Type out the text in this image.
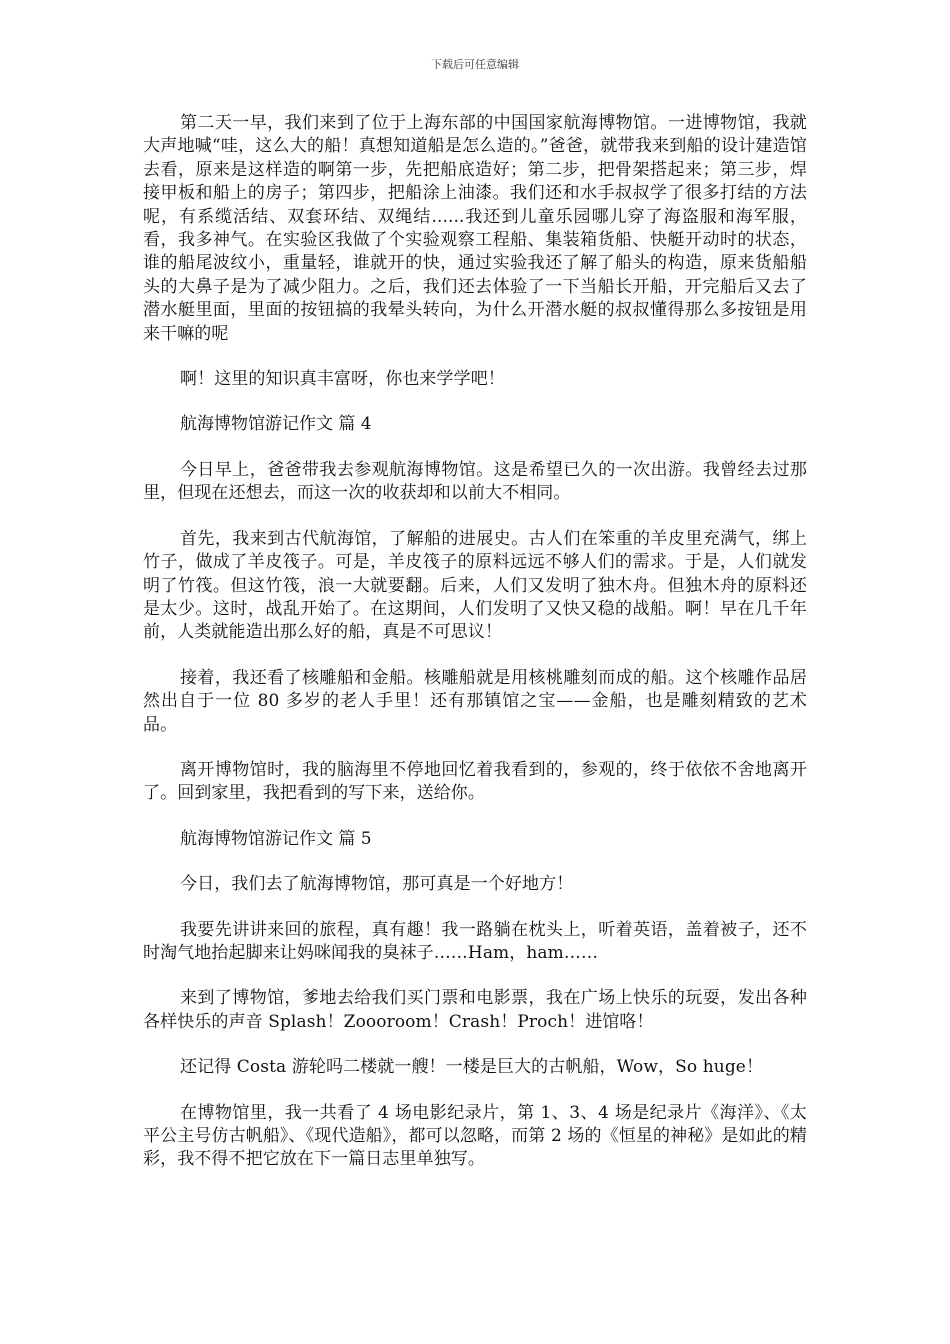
下载后可任意编辑

第二天一早，我们来到了位于上海东部的中国国家航海博物馆。一进博物馆，我就大声地喊“哇，这么大的船！真想知道船是怎么造的。”爸爸，就带我来到船的设计建造馆去看，原来是这样造的啊第一步，先把船底造好；第二步，把骨架搭起来；第三步，焊接甲板和船上的房子；第四步，把船涂上油漆。我们还和水手叔叔学了很多打结的方法呢，有系缆活结、双套环结、双绳结......我还到儿童乐园哪儿穿了海盗服和海军服，看，我多神气。在实验区我做了个实验观察工程船、集装箱货船、快艇开动时的状态，谁的船尾波纹小，重量轻，谁就开的快，通过实验我还了解了船头的构造，原来货船船头的大鼻子是为了减少阻力。之后，我们还去体验了一下当船长开船，开完船后又去了潜水艇里面，里面的按钮搞的我晕头转向，为什么开潜水艇的叔叔懂得那么多按钮是用来干嘛的呢

啊！这里的知识真丰富呀，你也来学学吧！

航海博物馆游记作文 篇 4

今日早上，爸爸带我去参观航海博物馆。这是希望已久的一次出游。我曾经去过那里，但现在还想去，而这一次的收获却和以前大不相同。

首先，我来到古代航海馆，了解船的进展史。古人们在笨重的羊皮里充满气，绑上竹子，做成了羊皮筏子。可是，羊皮筏子的原料远远不够人们的需求。于是，人们就发明了竹筏。但这竹筏，浪一大就要翻。后来，人们又发明了独木舟。但独木舟的原料还是太少。这时，战乱开始了。在这期间，人们发明了又快又稳的战船。啊！早在几千年前，人类就能造出那么好的船，真是不可思议！

接着，我还看了核雕船和金船。核雕船就是用核桃雕刻而成的船。这个核雕作品居然出自于一位 80 多岁的老人手里！还有那镇馆之宝——金船，也是雕刻精致的艺术品。

离开博物馆时，我的脑海里不停地回忆着我看到的，参观的，终于依依不舍地离开了。回到家里，我把看到的写下来，送给你。

航海博物馆游记作文 篇 5

今日，我们去了航海博物馆，那可真是一个好地方！

我要先讲讲来回的旅程，真有趣！我一路躺在枕头上，听着英语，盖着被子，还不时淘气地抬起脚来让妈咪闻我的臭袜子……Ham，ham……

来到了博物馆，爹地去给我们买门票和电影票，我在广场上快乐的玩耍，发出各种各样快乐的声音 Splash！Zoooroom！Crash！Proch！进馆咯！

还记得 Costa 游轮吗二楼就一艘！一楼是巨大的古帆船，Wow，So huge！

在博物馆里，我一共看了 4 场电影纪录片，第 1、3、4 场是纪录片《海洋》、《太平公主号仿古帆船》、《现代造船》，都可以忽略，而第 2 场的《恒星的神秘》是如此的精彩，我不得不把它放在下一篇日志里单独写。
